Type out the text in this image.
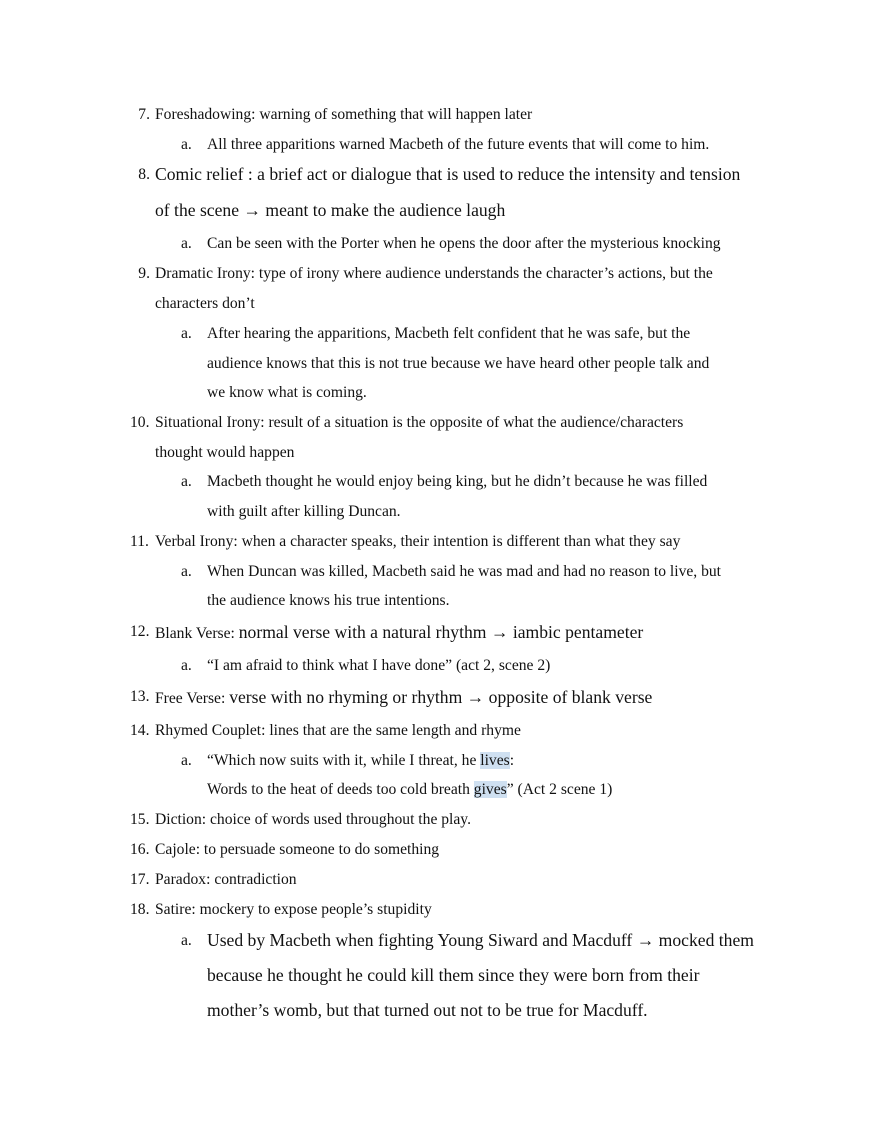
7. Foreshadowing: warning of something that will happen later
a. All three apparitions warned Macbeth of the future events that will come to him.
8. Comic relief : a brief act or dialogue that is used to reduce the intensity and tension
of the scene → meant to make the audience laugh
a. Can be seen with the Porter when he opens the door after the mysterious knocking
9. Dramatic Irony: type of irony where audience understands the character’s actions, but the
characters don’t
a. After hearing the apparitions, Macbeth felt confident that he was safe, but the
audience knows that this is not true because we have heard other people talk and
we know what is coming.
10. Situational Irony: result of a situation is the opposite of what the audience/characters
thought would happen
a. Macbeth thought he would enjoy being king, but he didn’t because he was filled
with guilt after killing Duncan.
11. Verbal Irony: when a character speaks, their intention is different than what they say
a. When Duncan was killed, Macbeth said he was mad and had no reason to live, but
the audience knows his true intentions.
12. Blank Verse: normal verse with a natural rhythm → iambic pentameter
a. “I am afraid to think what I have done” (act 2, scene 2)
13. Free Verse: verse with no rhyming or rhythm → opposite of blank verse
14. Rhymed Couplet: lines that are the same length and rhyme
a. “Which now suits with it, while I threat, he lives:
Words to the heat of deeds too cold breath gives” (Act 2 scene 1)
15. Diction: choice of words used throughout the play.
16. Cajole: to persuade someone to do something
17. Paradox: contradiction
18. Satire: mockery to expose people’s stupidity
a. Used by Macbeth when fighting Young Siward and Macduff → mocked them
because he thought he could kill them since they were born from their
mother’s womb, but that turned out not to be true for Macduff.
